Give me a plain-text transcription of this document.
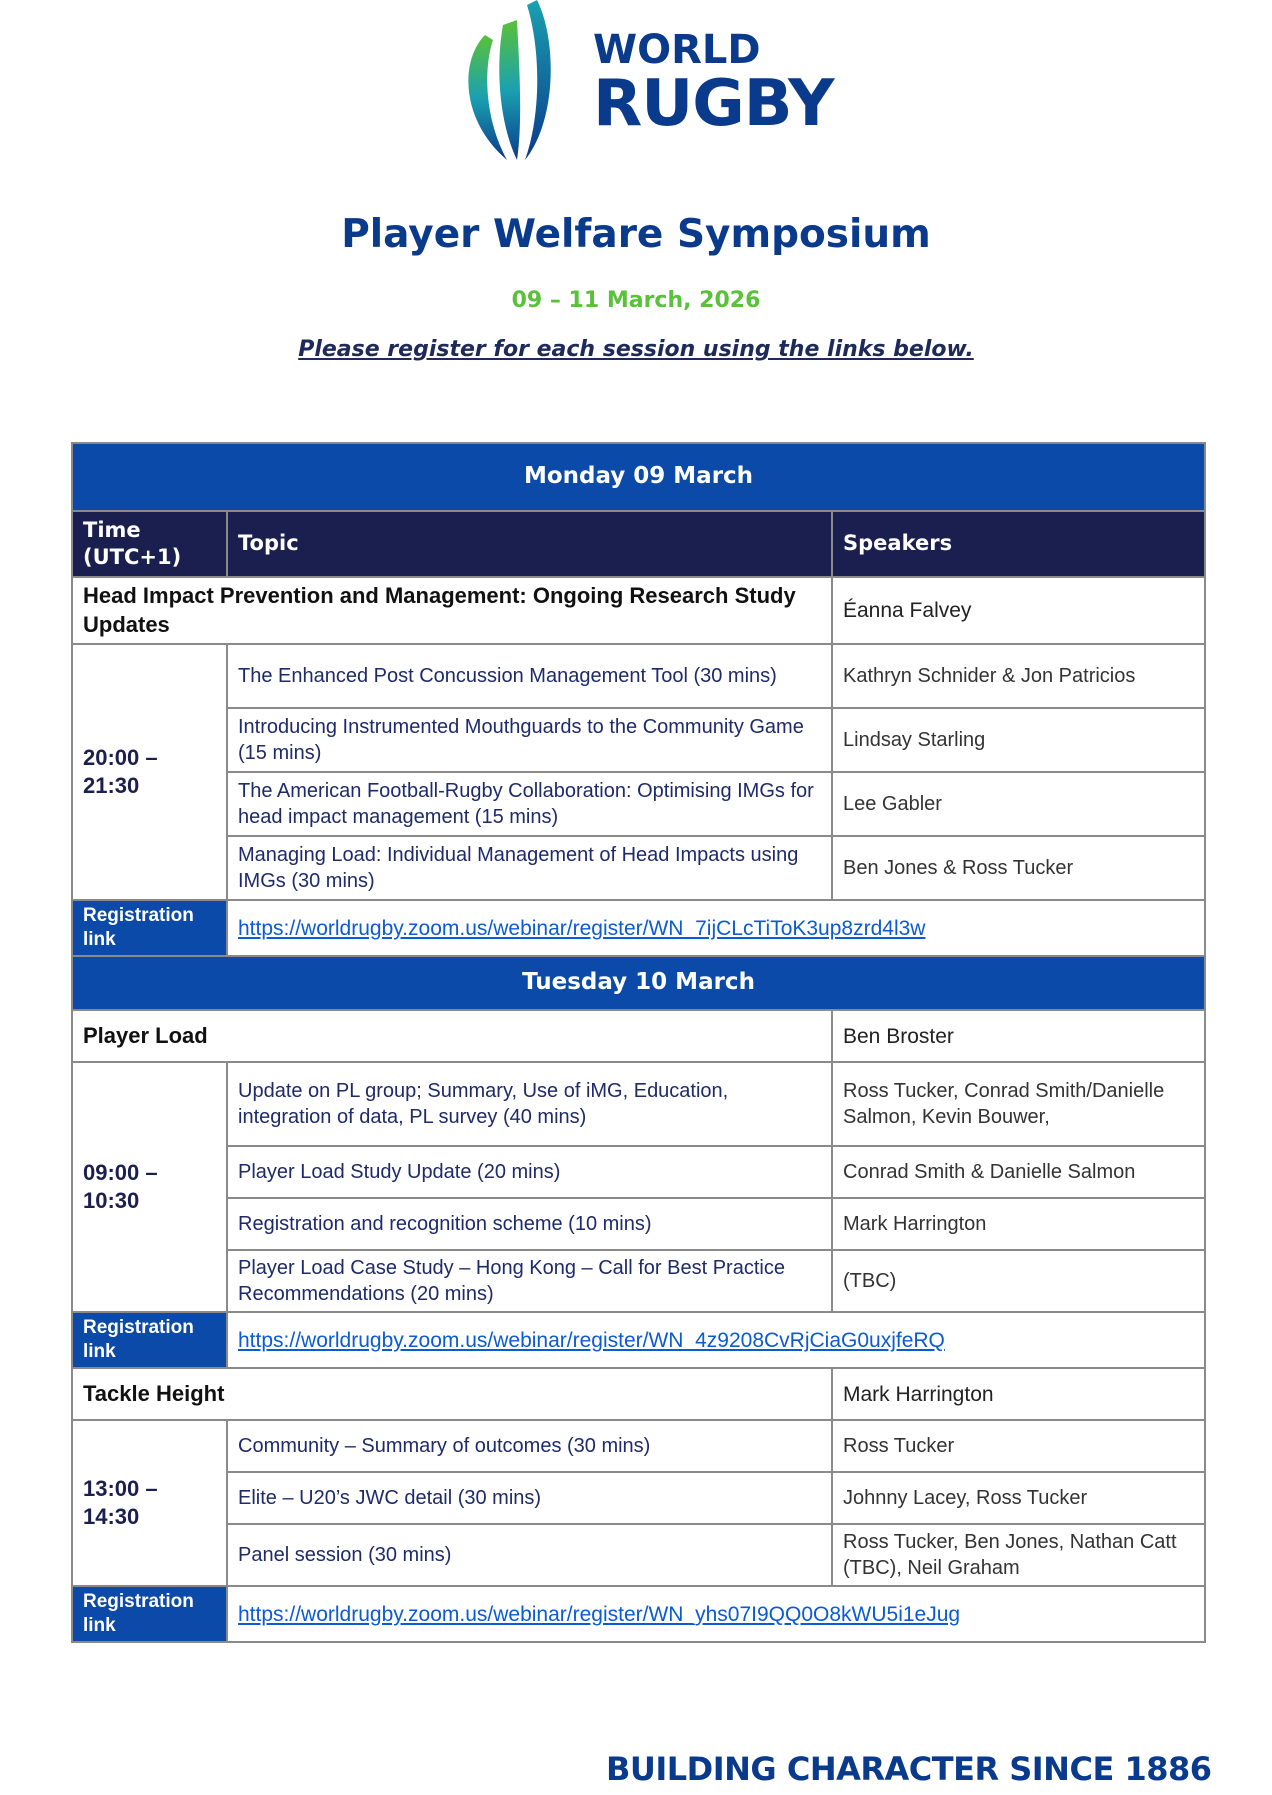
WORLD
RUGBY
Player Welfare Symposium
09 – 11 March, 2026
Please register for each session using the links below.
Monday 09 March		
Time (UTC+1)	Topic	Speakers
Head Impact Prevention and Management: Ongoing Research Study Updates		Éanna Falvey
20:00 – 21:30	The Enhanced Post Concussion Management Tool (30 mins)	Kathryn Schnider & Jon Patricios
	Introducing Instrumented Mouthguards to the Community Game (15 mins)	Lindsay Starling
	The American Football-Rugby Collaboration: Optimising IMGs for head impact management (15 mins)	Lee Gabler
	Managing Load: Individual Management of Head Impacts using IMGs (30 mins)	Ben Jones & Ross Tucker
Registration link	https://worldrugby.zoom.us/webinar/register/WN_7ijCLcTiToK3up8zrd4l3w	
Tuesday 10 March		
Player Load		Ben Broster
09:00 – 10:30	Update on PL group; Summary, Use of iMG, Education, integration of data, PL survey (40 mins)	Ross Tucker, Conrad Smith/Danielle Salmon, Kevin Bouwer,
	Player Load Study Update (20 mins)	Conrad Smith & Danielle Salmon
	Registration and recognition scheme (10 mins)	Mark Harrington
	Player Load Case Study – Hong Kong – Call for Best Practice Recommendations (20 mins)	(TBC)
Registration link	https://worldrugby.zoom.us/webinar/register/WN_4z9208CvRjCiaG0uxjfeRQ	
Tackle Height		Mark Harrington
13:00 – 14:30	Community – Summary of outcomes (30 mins)	Ross Tucker
	Elite – U20’s JWC detail (30 mins)	Johnny Lacey, Ross Tucker
	Panel session (30 mins)	Ross Tucker, Ben Jones, Nathan Catt (TBC), Neil Graham
Registration link	https://worldrugby.zoom.us/webinar/register/WN_yhs07I9QQ0O8kWU5i1eJug	
BUILDING CHARACTER SINCE 1886
